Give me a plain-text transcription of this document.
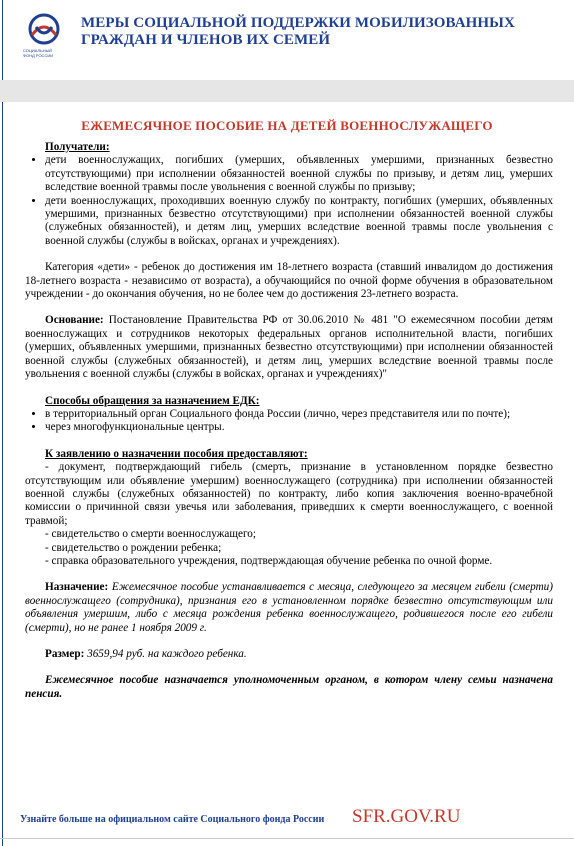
СОЦИАЛЬНЫЙ
ФОНД РОССИИ
МЕРЫ СОЦИАЛЬНОЙ ПОДДЕРЖКИ МОБИЛИЗОВАННЫХ
ГРАЖДАН И ЧЛЕНОВ ИХ СЕМЕЙ
ЕЖЕМЕСЯЧНОЕ ПОСОБИЕ НА ДЕТЕЙ ВОЕННОСЛУЖАЩЕГО
Получатели:
• дети военнослужащих, погибших (умерших, объявленных умершими, признанных безвестно отсутствующими) при исполнении обязанностей военной службы по призыву, и детям лиц, умерших вследствие военной травмы после увольнения с военной службы по призыву;
• дети военнослужащих, проходивших военную службу по контракту, погибших (умерших, объявленных умершими, признанных безвестно отсутствующими) при исполнении обязанностей военной службы (служебных обязанностей), и детям лиц, умерших вследствие военной травмы после увольнения с военной службы (службы в войсках, органах и учреждениях).

Категория «дети» - ребенок до достижения им 18-летнего возраста (ставший инвалидом до достижения 18-летнего возраста - независимо от возраста), а обучающийся по очной форме обучения в образовательном учреждении - до окончания обучения, но не более чем до достижения 23-летнего возраста.

Основание: Постановление Правительства РФ от 30.06.2010 № 481 "О ежемесячном пособии детям военнослужащих и сотрудников некоторых федеральных органов исполнительной власти, погибших (умерших, объявленных умершими, признанных безвестно отсутствующими) при исполнении обязанностей военной службы (служебных обязанностей), и детям лиц, умерших вследствие военной травмы после увольнения с военной службы (службы в войсках, органах и учреждениях)"

Способы обращения за назначением ЕДК:
• в территориальный орган Социального фонда России (лично, через представителя или по почте);
• через многофункциональные центры.
К заявлению о назначении пособия предоставляют:

- документ, подтверждающий гибель (смерть, признание в установленном порядке безвестно отсутствующим или объявление умершим) военнослужащего (сотрудника) при исполнении обязанностей военной службы (служебных обязанностей) по контракту, либо копия заключения военно-врачебной комиссии о причинной связи увечья или заболевания, приведших к смерти военнослужащего, с военной травмой;

- свидетельство о смерти военнослужащего;

- свидетельство о рождении ребенка;

- справка образовательного учреждения, подтверждающая обучение ребенка по очной форме.

Назначение: Ежемесячное пособие устанавливается с месяца, следующего за месяцем гибели (смерти) военнослужащего (сотрудника), признания его в установленном порядке безвестно отсутствующим или объявления умершим, либо с месяца рождения ребенка военнослужащего, родившегося после его гибели (смерти), но не ранее 1 ноября 2009 г.

Размер: 3659,94 руб. на каждого ребенка.

Ежемесячное пособие назначается уполномоченным органом, в котором члену семьи назначена пенсия.

Узнайте больше на официальном сайте Социального фонда России SFR.GOV.RU
